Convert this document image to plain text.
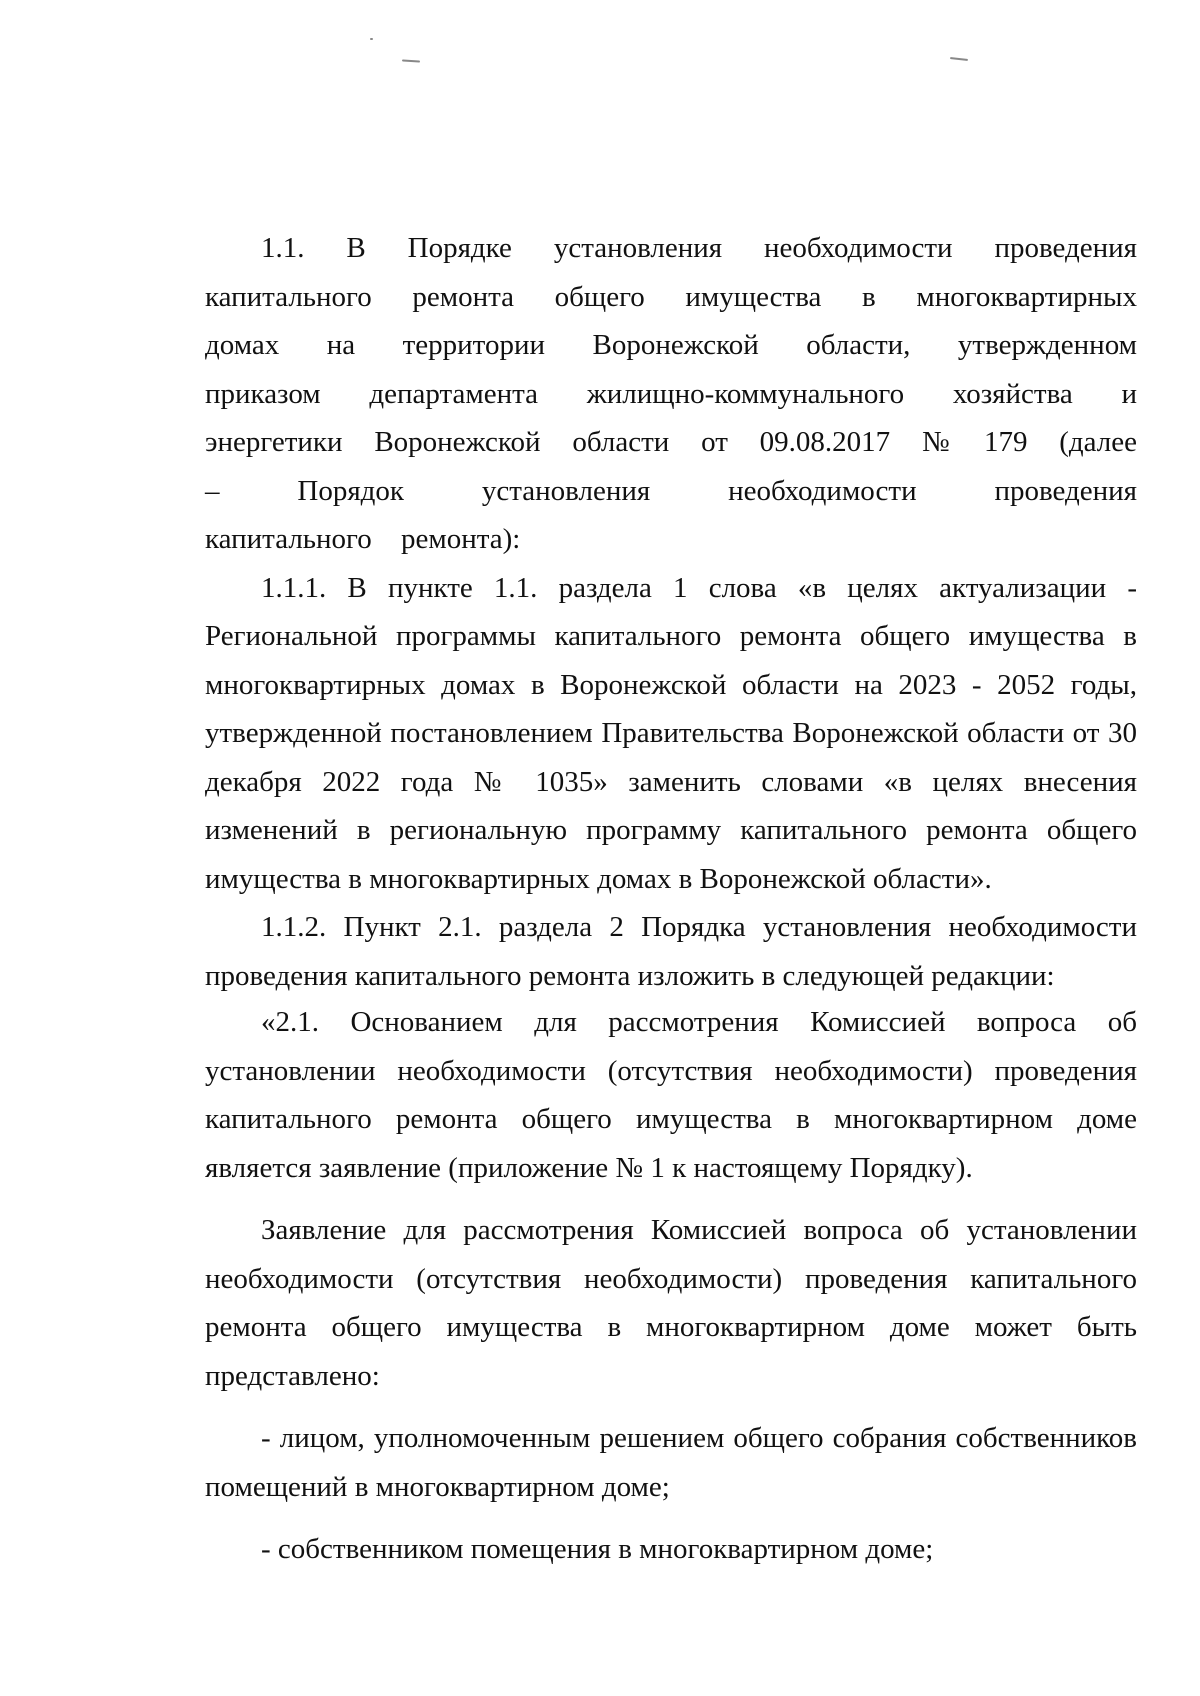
1.1. В Порядке установления необходимости проведения капитального ремонта общего имущества в многоквартирных домах на территории Воронежской области, утвержденном приказом департамента жилищно-коммунального хозяйства и энергетики Воронежской области от 09.08.2017 № 179 (далее – Порядок установления необходимости проведения капитального ремонта):

1.1.1. В пункте 1.1. раздела 1 слова «в целях актуализации - Региональной программы капитального ремонта общего имущества в многоквартирных домах в Воронежской области на 2023 - 2052 годы, утвержденной постановлением Правительства Воронежской области от 30 декабря 2022 года № 1035» заменить словами «в целях внесения изменений в региональную программу капитального ремонта общего имущества в многоквартирных домах в Воронежской области».

1.1.2. Пункт 2.1. раздела 2 Порядка установления необходимости проведения капитального ремонта изложить в следующей редакции:

«2.1. Основанием для рассмотрения Комиссией вопроса об установлении необходимости (отсутствия необходимости) проведения капитального ремонта общего имущества в многоквартирном доме является заявление (приложение № 1 к настоящему Порядку).

Заявление для рассмотрения Комиссией вопроса об установлении необходимости (отсутствия необходимости) проведения капитального ремонта общего имущества в многоквартирном доме может быть представлено:

- лицом, уполномоченным решением общего собрания собственников помещений в многоквартирном доме;

- собственником помещения в многоквартирном доме;
